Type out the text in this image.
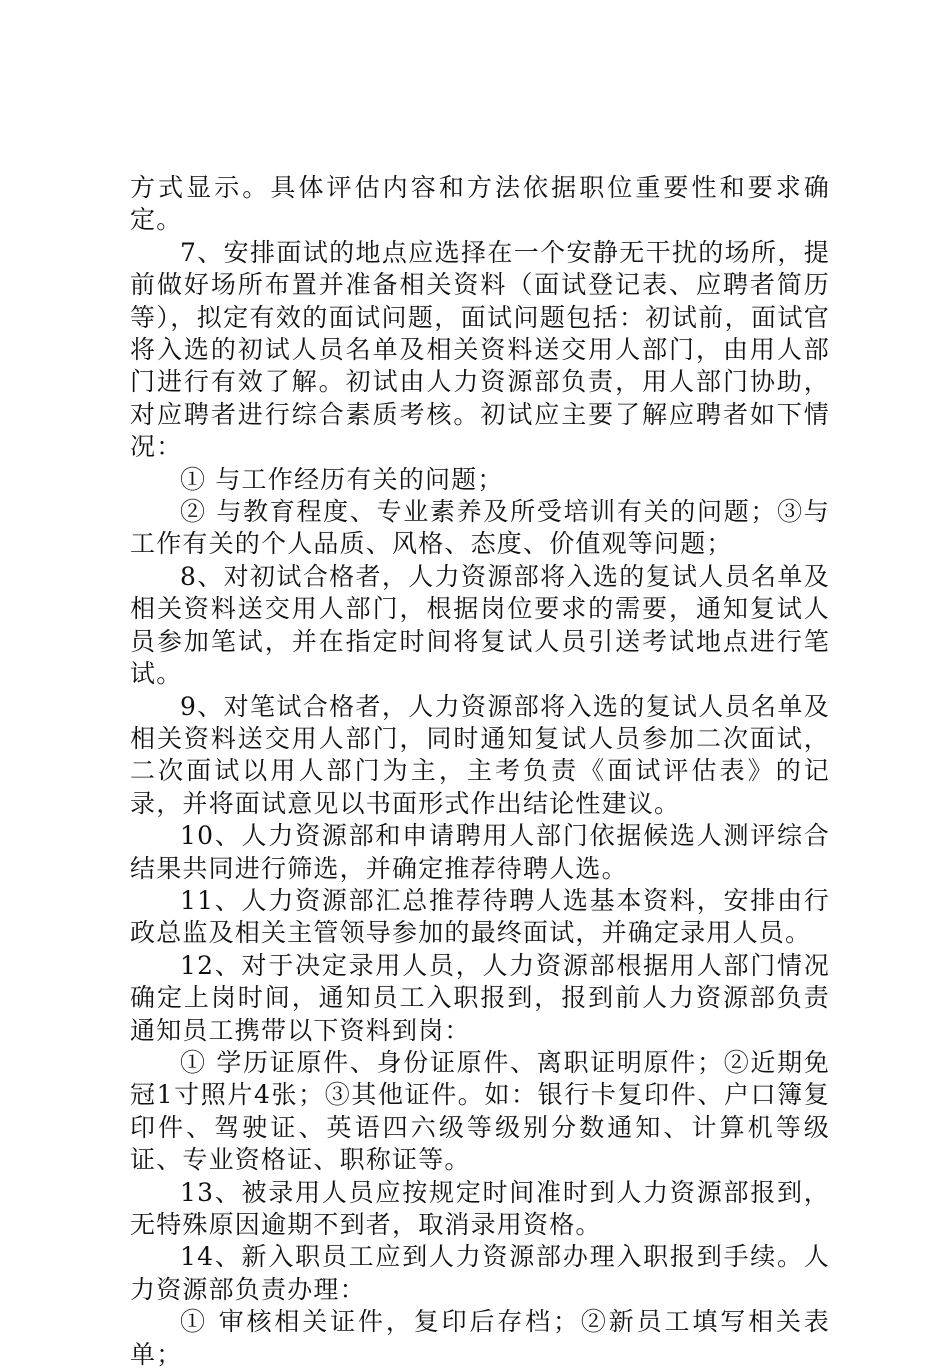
方式显示。具体评估内容和方法依据职位重要性和要求确定。

7、安排面试的地点应选择在一个安静无干扰的场所，提前做好场所布置并准备相关资料（面试登记表、应聘者简历等），拟定有效的面试问题，面试问题包括：初试前，面试官将入选的初试人员名单及相关资料送交用人部门，由用人部门进行有效了解。初试由人力资源部负责，用人部门协助，对应聘者进行综合素质考核。初试应主要了解应聘者如下情况：

① 与工作经历有关的问题；

② 与教育程度、专业素养及所受培训有关的问题；③与工作有关的个人品质、风格、态度、价值观等问题；

8、对初试合格者，人力资源部将入选的复试人员名单及相关资料送交用人部门，根据岗位要求的需要，通知复试人员参加笔试，并在指定时间将复试人员引送考试地点进行笔试。

9、对笔试合格者，人力资源部将入选的复试人员名单及相关资料送交用人部门，同时通知复试人员参加二次面试，二次面试以用人部门为主，主考负责《面试评估表》的记录，并将面试意见以书面形式作出结论性建议。

10、人力资源部和申请聘用人部门依据候选人测评综合结果共同进行筛选，并确定推荐待聘人选。

11、人力资源部汇总推荐待聘人选基本资料，安排由行政总监及相关主管领导参加的最终面试，并确定录用人员。

12、对于决定录用人员，人力资源部根据用人部门情况确定上岗时间，通知员工入职报到，报到前人力资源部负责通知员工携带以下资料到岗：

① 学历证原件、身份证原件、离职证明原件；②近期免冠1寸照片4张；③其他证件。如：银行卡复印件、户口簿复印件、驾驶证、英语四六级等级别分数通知、计算机等级证、专业资格证、职称证等。

13、被录用人员应按规定时间准时到人力资源部报到，无特殊原因逾期不到者，取消录用资格。

14、新入职员工应到人力资源部办理入职报到手续。人力资源部负责办理：

① 审核相关证件，复印后存档；②新员工填写相关表单；
